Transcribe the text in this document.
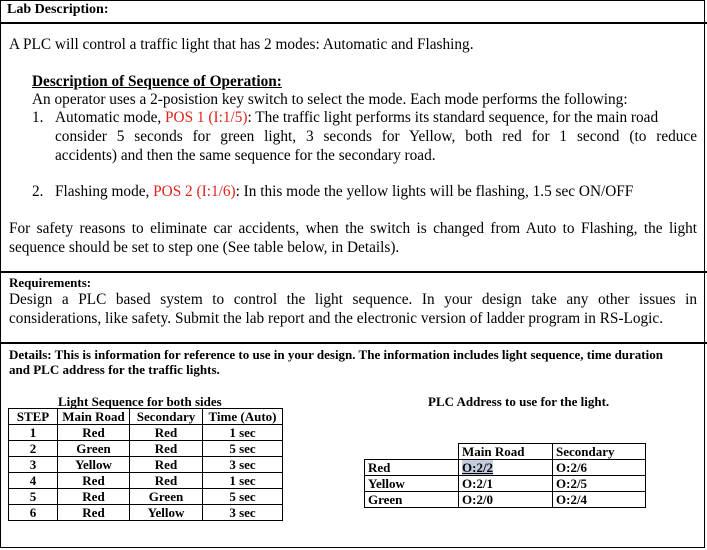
Lab Description:
A PLC will control a traffic light that has 2 modes: Automatic and Flashing.
Description of Sequence of Operation:
An operator uses a 2-posistion key switch to select the mode. Each mode performs the following:
1. Automatic mode, POS 1 (I:1/5): The traffic light performs its standard sequence, for the main road
consider 5 seconds for green light, 3 seconds for Yellow, both red for 1 second (to reduce
accidents) and then the same sequence for the secondary road.
2. Flashing mode, POS 2 (I:1/6): In this mode the yellow lights will be flashing, 1.5 sec ON/OFF
For safety reasons to eliminate car accidents, when the switch is changed from Auto to Flashing, the light
sequence should be set to step one (See table below, in Details).
Requirements:
Design a PLC based system to control the light sequence. In your design take any other issues in
considerations, like safety. Submit the lab report and the electronic version of ladder program in RS-Logic.
Details: This is information for reference to use in your design. The information includes light sequence, time duration
and PLC address for the traffic lights.
Light Sequence for both sides	PLC Address to use for the light.
STEP	Main Road	Secondary	Time (Auto)
1	Red	Red	1 sec
2	Green	Red	5 sec
3	Yellow	Red	3 sec
4	Red	Red	1 sec
5	Red	Green	5 sec
6	Red	Yellow	3 sec
	Main Road	Secondary
Red	O:2/2	O:2/6
Yellow	O:2/1	O:2/5
Green	O:2/0	O:2/4
